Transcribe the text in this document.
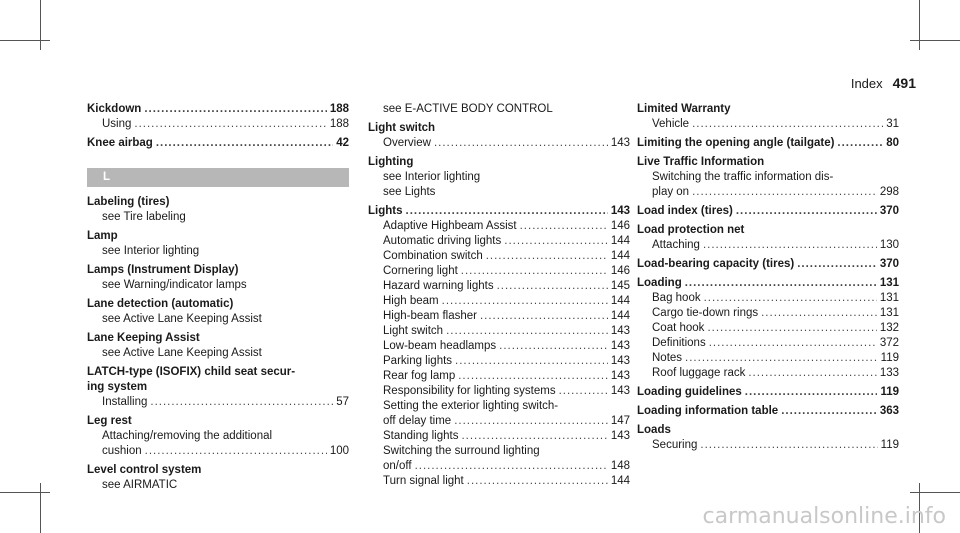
Index 491
Kickdown .....	188
Using .....	188
Knee airbag .....	42
L
Labeling (tires)
see Tire labeling
Lamp
see Interior lighting
Lamps (Instrument Display)
see Warning/indicator lamps
Lane detection (automatic)
see Active Lane Keeping Assist
Lane Keeping Assist
see Active Lane Keeping Assist
LATCH-type (ISOFIX) child seat secur-
ing system
Installing .....	57
Leg rest
Attaching/removing the additional
cushion .....	100
Level control system
see AIRMATIC
see E-ACTIVE BODY CONTROL
Light switch
Overview .....	143
Lighting
see Interior lighting
see Lights
Lights .....	143
Adaptive Highbeam Assist .....	146
Automatic driving lights .....	144
Combination switch .....	144
Cornering light .....	146
Hazard warning lights .....	145
High beam .....	144
High-beam flasher .....	144
Light switch .....	143
Low-beam headlamps .....	143
Parking lights .....	143
Rear fog lamp .....	143
Responsibility for lighting systems .....	143
Setting the exterior lighting switch-
off delay time .....	147
Standing lights .....	143
Switching the surround lighting
on/off .....	148
Turn signal light .....	144
Limited Warranty
Vehicle .....	31
Limiting the opening angle (tailgate) .....	80
Live Traffic Information
Switching the traffic information dis-
play on .....	298
Load index (tires) .....	370
Load protection net
Attaching .....	130
Load-bearing capacity (tires) .....	370
Loading .....	131
Bag hook .....	131
Cargo tie-down rings .....	131
Coat hook .....	132
Definitions .....	372
Notes .....	119
Roof luggage rack .....	133
Loading guidelines .....	119
Loading information table .....	363
Loads
Securing .....	119
carmanualsonline.info
